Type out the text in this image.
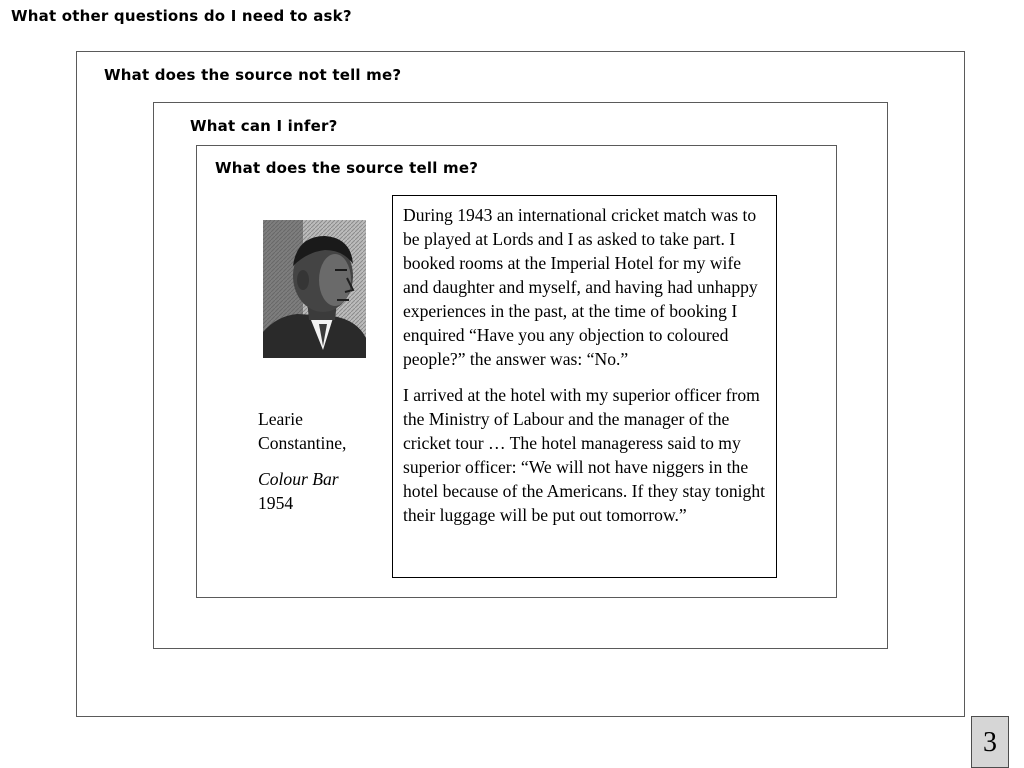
What other questions do I need to ask?
What does the source not tell me?
What can I infer?
What does the source tell me?

Learie Constantine,

Colour Bar
1954

During 1943 an international cricket match was to be played at Lords and I as asked to take part. I booked rooms at the Imperial Hotel for my wife and daughter and myself, and having had unhappy experiences in the past, at the time of booking I enquired “Have you any objection to coloured people?” the answer was: “No.”

I arrived at the hotel with my superior officer from the Ministry of Labour and the manager of the cricket tour … The hotel manageress said to my superior officer: “We will not have niggers in the hotel because of the Americans. If they stay tonight their luggage will be put out tomorrow.”

3
